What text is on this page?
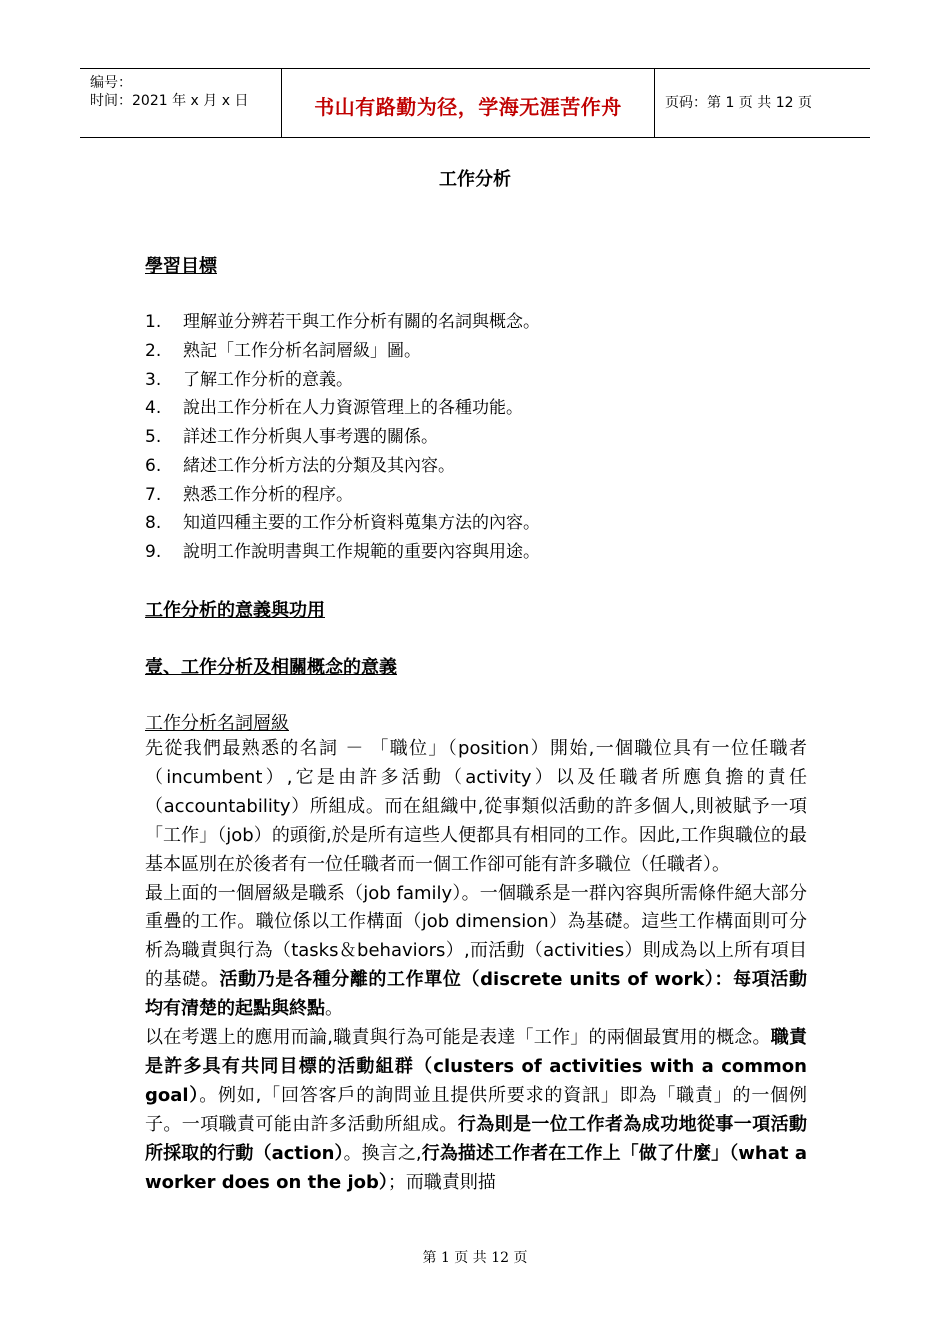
编号：
时间：2021 年 x 月 x 日	书山有路勤为径，学海无涯苦作舟	页码：第 1 页 共 12 页
工作分析
學習目標
1. 理解並分辨若干與工作分析有關的名詞與概念。
2. 熟記「工作分析名詞層級」圖。
3. 了解工作分析的意義。
4. 說出工作分析在人力資源管理上的各種功能。
5. 詳述工作分析與人事考選的關係。
6. 緒述工作分析方法的分類及其內容。
7. 熟悉工作分析的程序。
8. 知道四種主要的工作分析資料蒐集方法的內容。
9. 說明工作說明書與工作規範的重要內容與用途。
工作分析的意義與功用
壹、工作分析及相關概念的意義
工作分析名詞層級

先從我們最熟悉的名詞 － 「職位」（position）開始,一個職位具有一位任職者（incumbent）,它是由許多活動（activity）以及任職者所應負擔的責任（accountability）所組成。而在組織中,從事類似活動的許多個人,則被賦予一項「工作」（job）的頭銜,於是所有這些人便都具有相同的工作。因此,工作與職位的最基本區別在於後者有一位任職者而一個工作卻可能有許多職位（任職者）。

最上面的一個層級是職系（job family）。一個職系是一群內容與所需條件絕大部分重疊的工作。職位係以工作構面（job dimension）為基礎。這些工作構面則可分析為職責與行為（tasks＆behaviors）,而活動（activities）則成為以上所有項目的基礎。活動乃是各種分離的工作單位（discrete units of work）：每項活動均有清楚的起點與終點。

以在考選上的應用而論,職責與行為可能是表達「工作」的兩個最實用的概念。職責是許多具有共同目標的活動組群（clusters of activities with a common goal）。例如,「回答客戶的詢問並且提供所要求的資訊」即為「職責」的一個例子。一項職責可能由許多活動所組成。行為則是一位工作者為成功地從事一項活動所採取的行動（action）。換言之,行為描述工作者在工作上「做了什麼」（what a worker does on the job）；而職責則描

第 1 页 共 12 页
